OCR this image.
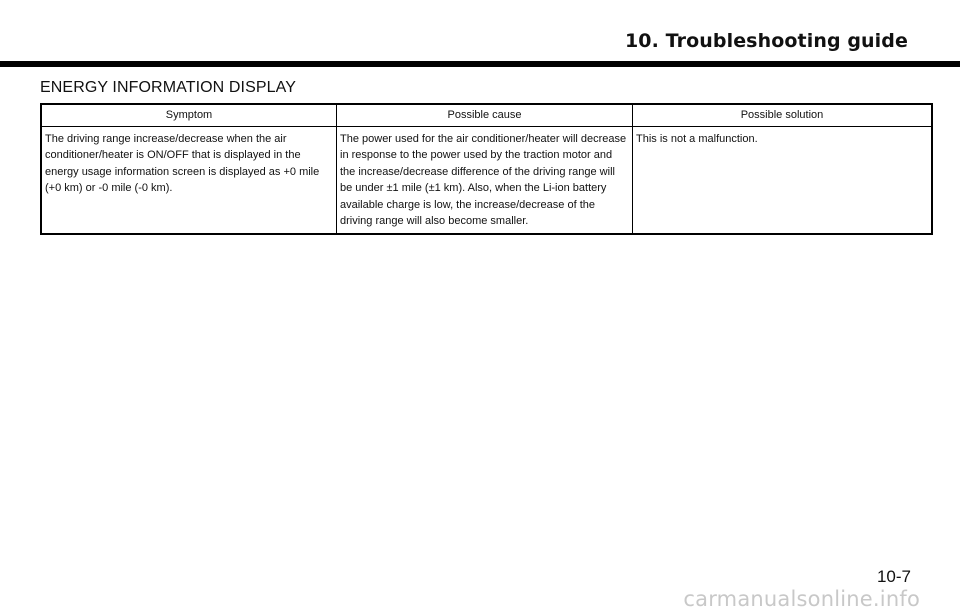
10. Troubleshooting guide
ENERGY INFORMATION DISPLAY
Symptom	Possible cause	Possible solution
The driving range increase/decrease when the air conditioner/heater is ON/OFF that is displayed in the energy usage information screen is displayed as +0 mile (+0 km) or -0 mile (-0 km).	The power used for the air conditioner/heater will decrease in response to the power used by the traction motor and the increase/decrease difference of the driving range will be under ±1 mile (±1 km). Also, when the Li-ion battery available charge is low, the increase/decrease of the driving range will also become smaller.	This is not a malfunction.
10-7
carmanualsonline.info
